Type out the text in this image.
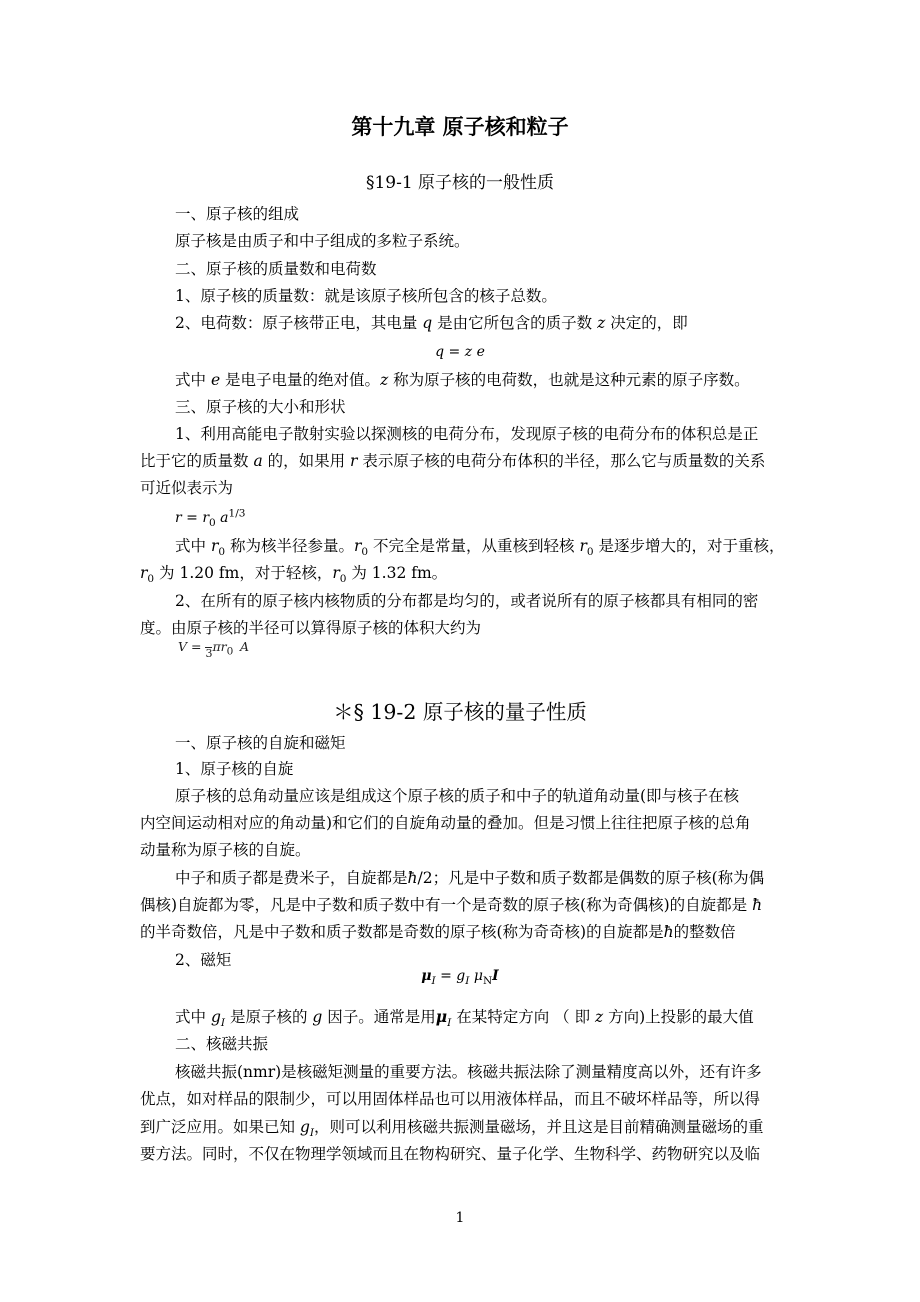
第十九章 原子核和粒子
§19-1 原子核的一般性质
一、原子核的组成
原子核是由质子和中子组成的多粒子系统。
二、原子核的质量数和电荷数
1、原子核的质量数：就是该原子核所包含的核子总数。
2、电荷数：原子核带正电，其电量 q 是由它所包含的质子数 z 决定的，即
q = z e
式中 e 是电子电量的绝对值。z 称为原子核的电荷数，也就是这种元素的原子序数。
三、原子核的大小和形状
1、利用高能电子散射实验以探测核的电荷分布，发现原子核的电荷分布的体积总是正
比于它的质量数 a 的，如果用 r 表示原子核的电荷分布体积的半径，那么它与质量数的关系
可近似表示为
$r = r_0$ $a^{1/3}$
式中 $r_0$ 称为核半径参量。$r_0$ 不完全是常量，从重核到轻核 $r_0$ 是逐步增大的，对于重核，
$r_0$ 为 1.20 fm，对于轻核，$r_0$ 为 1.32 fm。
2、在所有的原子核内核物质的分布都是均匀的，或者说所有的原子核都具有相同的密
度。由原子核的半径可以算得原子核的体积大约为
V = 3 $\pi r_0$ A
＊§ 19-2 原子核的量子性质
一、原子核的自旋和磁矩
1、原子核的自旋
原子核的总角动量应该是组成这个原子核的质子和中子的轨道角动量(即与核子在核
内空间运动相对应的角动量)和它们的自旋角动量的叠加。但是习惯上往往把原子核的总角
动量称为原子核的自旋。
中子和质子都是费米子，自旋都是ħ/2；凡是中子数和质子数都是偶数的原子核(称为偶
偶核)自旋都为零，凡是中子数和质子数中有一个是奇数的原子核(称为奇偶核)的自旋都是 ħ
的半奇数倍，凡是中子数和质子数都是奇数的原子核(称为奇奇核)的自旋都是ħ的整数倍
2、磁矩
$\mu_I = g_I$ $\mu_NI$
式中 $g_I$ 是原子核的 g 因子。通常是用$\mu_I$ 在某特定方向 （ 即 z 方向)上投影的最大值
二、核磁共振
核磁共振(nmr)是核磁矩测量的重要方法。核磁共振法除了测量精度高以外，还有许多
优点，如对样品的限制少，可以用固体样品也可以用液体样品，而且不破坏样品等，所以得
到广泛应用。如果已知 $g_I$，则可以利用核磁共振测量磁场，并且这是目前精确测量磁场的重
要方法。同时，不仅在物理学领域而且在物构研究、量子化学、生物科学、药物研究以及临
1
